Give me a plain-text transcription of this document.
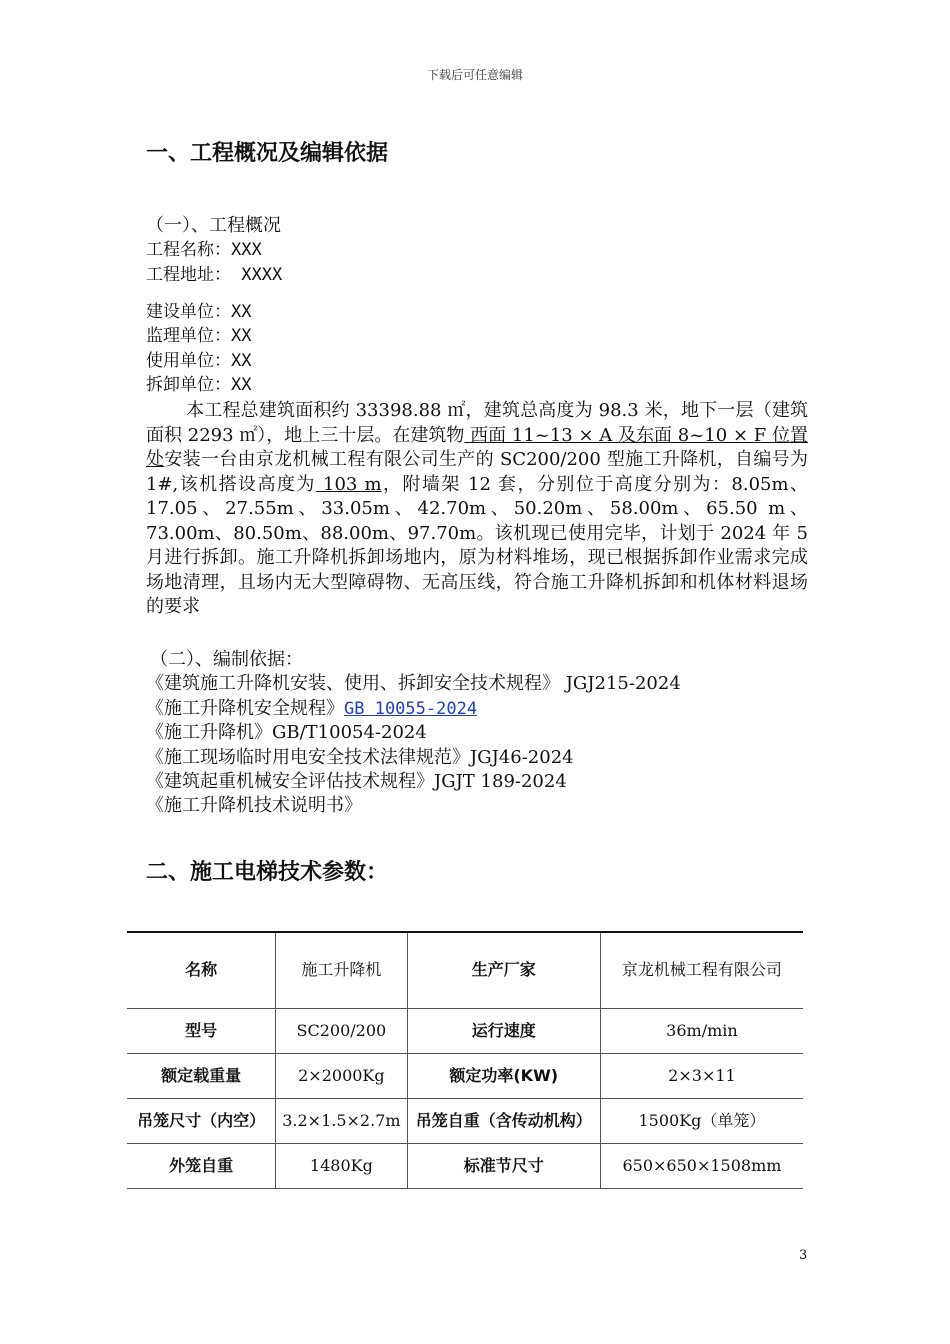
下载后可任意编辑
一、工程概况及编辑依据
（一）、工程概况
工程名称：XXX
工程地址： XXXX
建设单位：XX
监理单位：XX
使用单位：XX
拆卸单位：XX

本工程总建筑面积约 33398.88 ㎡，建筑总高度为 98.3 米，地下一层（建筑面积 2293 ㎡），地上三十层。在建筑物 西面 11~13 × A 及东面 8~10 × F 位置处安装一台由京龙机械工程有限公司生产的 SC200/200 型施工升降机，自编号为 1#,该机搭设高度为 103 m，附墙架 12 套，分别位于高度分别为：8.05m、17.05、27.55m、33.05m、42.70m、50.20m、58.00m、65.50 m、73.00m、80.50m、88.00m、97.70m。该机现已使用完毕，计划于 2024 年 5 月进行拆卸。施工升降机拆卸场地内，原为材料堆场，现已根据拆卸作业需求完成场地清理，且场内无大型障碍物、无高压线，符合施工升降机拆卸和机体材料退场的要求

（二）、编制依据：
《建筑施工升降机安装、使用、拆卸安全技术规程》 JGJ215-2024
《施工升降机安全规程》GB 10055-2024
《施工升降机》GB/T10054-2024
《施工现场临时用电安全技术法律规范》JGJ46-2024
《建筑起重机械安全评估技术规程》JGJT 189-2024
《施工升降机技术说明书》
二、施工电梯技术参数：
名称	施工升降机	生产厂家	京龙机械工程有限公司
型号	SC200/200	运行速度	36m/min
额定载重量	2×2000Kg	额定功率(KW)	2×3×11
吊笼尺寸（内空）	3.2×1.5×2.7m	吊笼自重（含传动机构）	1500Kg（单笼）
外笼自重	1480Kg	标准节尺寸	650×650×1508mm
3
